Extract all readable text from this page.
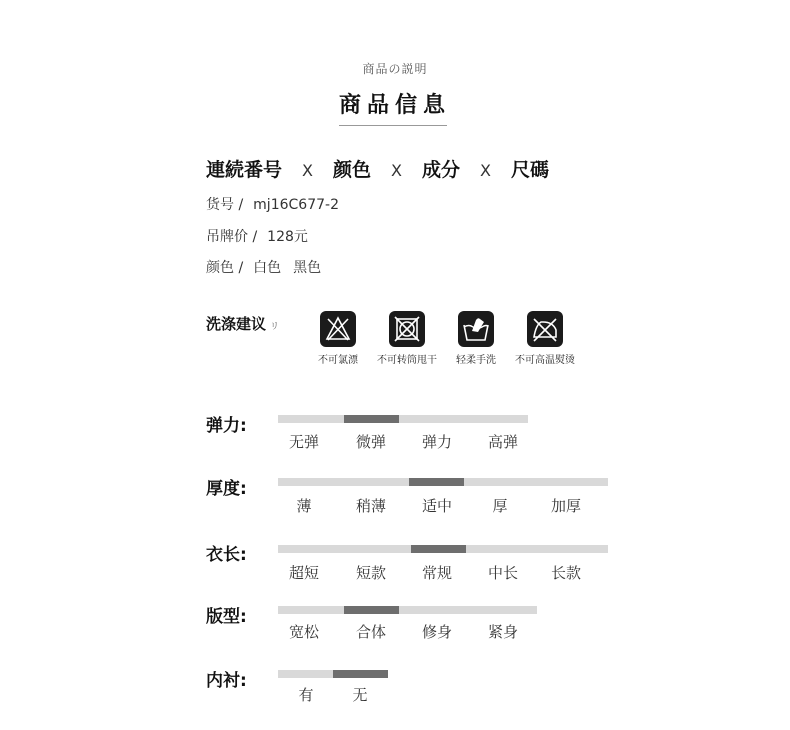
商品の説明
商品信息
連続番号 X 颜色 X 成分 X 尺碼
货号 / mj16C677-2
吊牌价 / 128元
颜色 / 白色 黑色
洗涤建议 リ
不可氯漂	不可转筒甩干	轻柔手洗	不可高温熨烫
弹力:
无弹	微弹	弹力	高弹
厚度:
薄	稍薄	适中	厚	加厚
衣长:
超短	短款	常规	中长	长款
版型:
宽松	合体	修身	紧身
内衬:
有	无
